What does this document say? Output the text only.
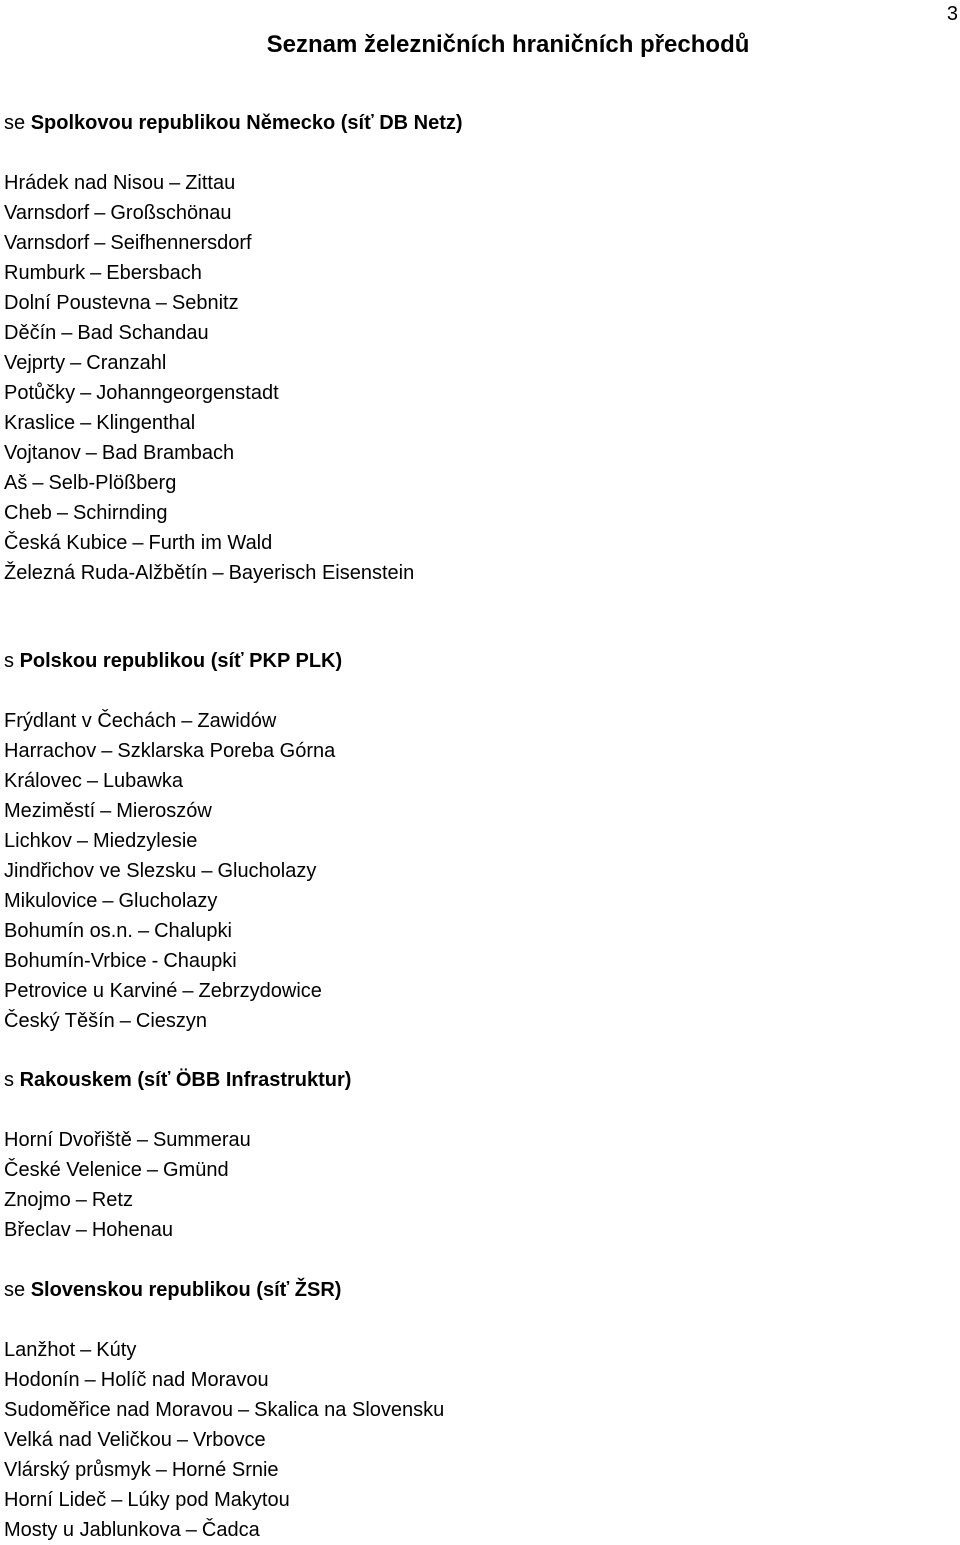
3
Seznam železničních hraničních přechodů
se Spolkovou republikou Německo (síť DB Netz)
Hrádek nad Nisou – Zittau
Varnsdorf – Großschönau
Varnsdorf – Seifhennersdorf
Rumburk – Ebersbach
Dolní Poustevna – Sebnitz
Děčín – Bad Schandau
Vejprty – Cranzahl
Potůčky – Johanngeorgenstadt
Kraslice – Klingenthal
Vojtanov – Bad Brambach
Aš – Selb-Plößberg
Cheb – Schirnding
Česká Kubice – Furth im Wald
Železná Ruda-Alžbětín – Bayerisch Eisenstein
s Polskou republikou (síť PKP PLK)
Frýdlant v Čechách – Zawidów
Harrachov – Szklarska Poreba Górna
Královec – Lubawka
Meziměstí – Mieroszów
Lichkov – Miedzylesie
Jindřichov ve Slezsku – Glucholazy
Mikulovice – Glucholazy
Bohumín os.n. – Chalupki
Bohumín-Vrbice - Chaupki
Petrovice u Karviné – Zebrzydowice
Český Těšín – Cieszyn
s Rakouskem (síť ÖBB Infrastruktur)
Horní Dvořiště – Summerau
České Velenice – Gmünd
Znojmo – Retz
Břeclav – Hohenau
se Slovenskou republikou (síť ŽSR)
Lanžhot – Kúty
Hodonín – Holíč nad Moravou
Sudoměřice nad Moravou – Skalica na Slovensku
Velká nad Veličkou – Vrbovce
Vlárský průsmyk – Horné Srnie
Horní Lideč – Lúky pod Makytou
Mosty u Jablunkova – Čadca
